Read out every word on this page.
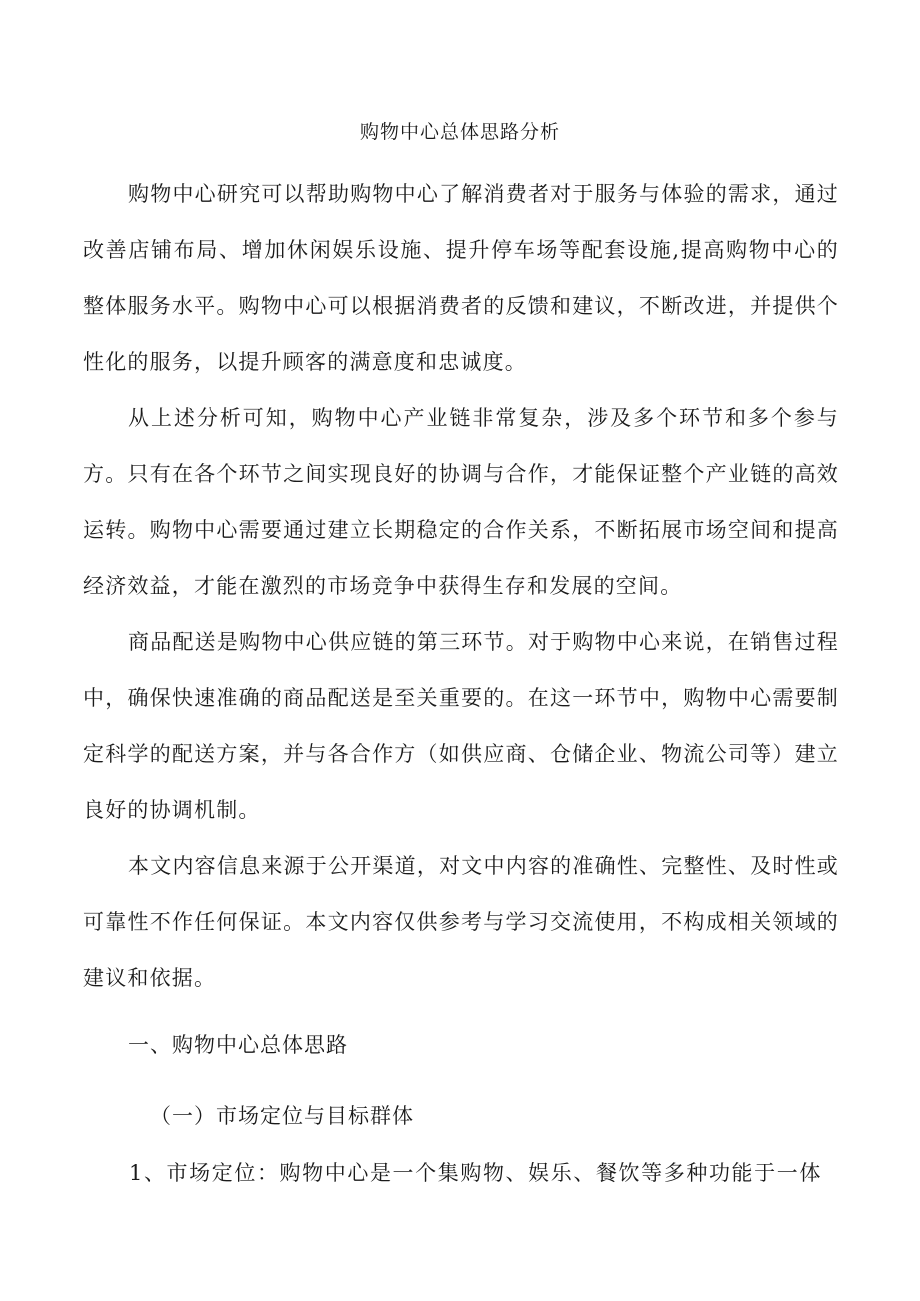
购物中心总体思路分析

购物中心研究可以帮助购物中心了解消费者对于服务与体验的需求，通过改善店铺布局、增加休闲娱乐设施、提升停车场等配套设施,提高购物中心的整体服务水平。购物中心可以根据消费者的反馈和建议，不断改进，并提供个性化的服务，以提升顾客的满意度和忠诚度。

从上述分析可知，购物中心产业链非常复杂，涉及多个环节和多个参与方。只有在各个环节之间实现良好的协调与合作，才能保证整个产业链的高效运转。购物中心需要通过建立长期稳定的合作关系，不断拓展市场空间和提高经济效益，才能在激烈的市场竞争中获得生存和发展的空间。

商品配送是购物中心供应链的第三环节。对于购物中心来说，在销售过程中，确保快速准确的商品配送是至关重要的。在这一环节中，购物中心需要制定科学的配送方案，并与各合作方（如供应商、仓储企业、物流公司等）建立良好的协调机制。

本文内容信息来源于公开渠道，对文中内容的准确性、完整性、及时性或可靠性不作任何保证。本文内容仅供参考与学习交流使用，不构成相关领域的建议和依据。

一、购物中心总体思路
（一）市场定位与目标群体
1、市场定位：购物中心是一个集购物、娱乐、餐饮等多种功能于一体
